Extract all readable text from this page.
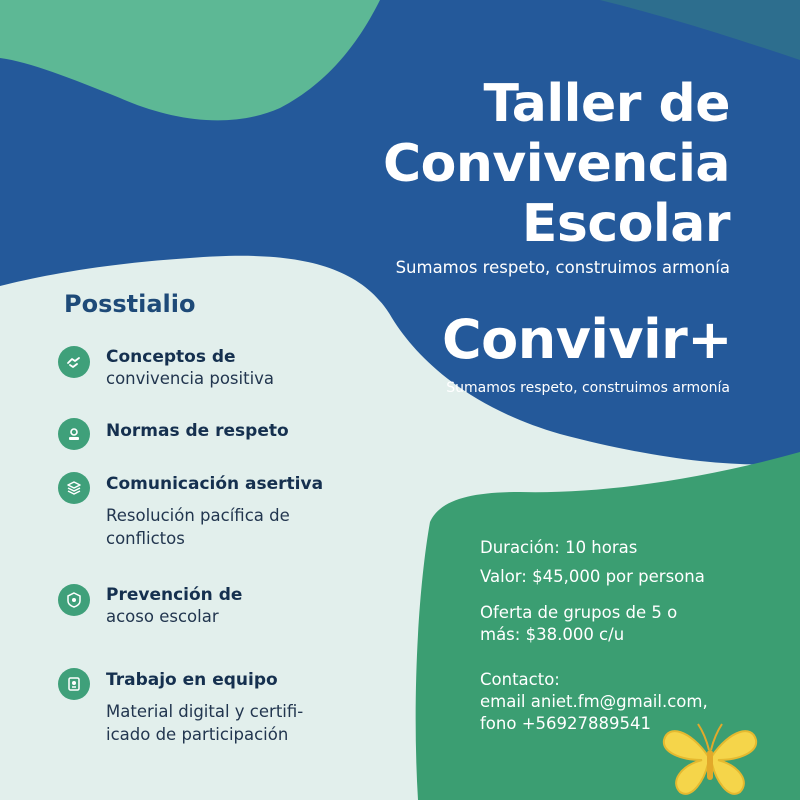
Taller de
Convivencia
Escolar

Sumamos respeto, construimos armonía

Convivir+

Sumamos respeto, construimos armonía

Posstialio
Conceptos de
convivencia positiva
Normas de respeto
Comunicación asertiva
Resolución pacífica de conflictos
Prevención de
acoso escolar
Trabajo en equipo
Material digital y certifi- icado de participación

Duración: 10 horas

Valor: $45,000 por persona

Oferta de grupos de 5 o más: $38.000 c/u

Contacto:

email aniet.fm@gmail.com,

fono +56927889541
